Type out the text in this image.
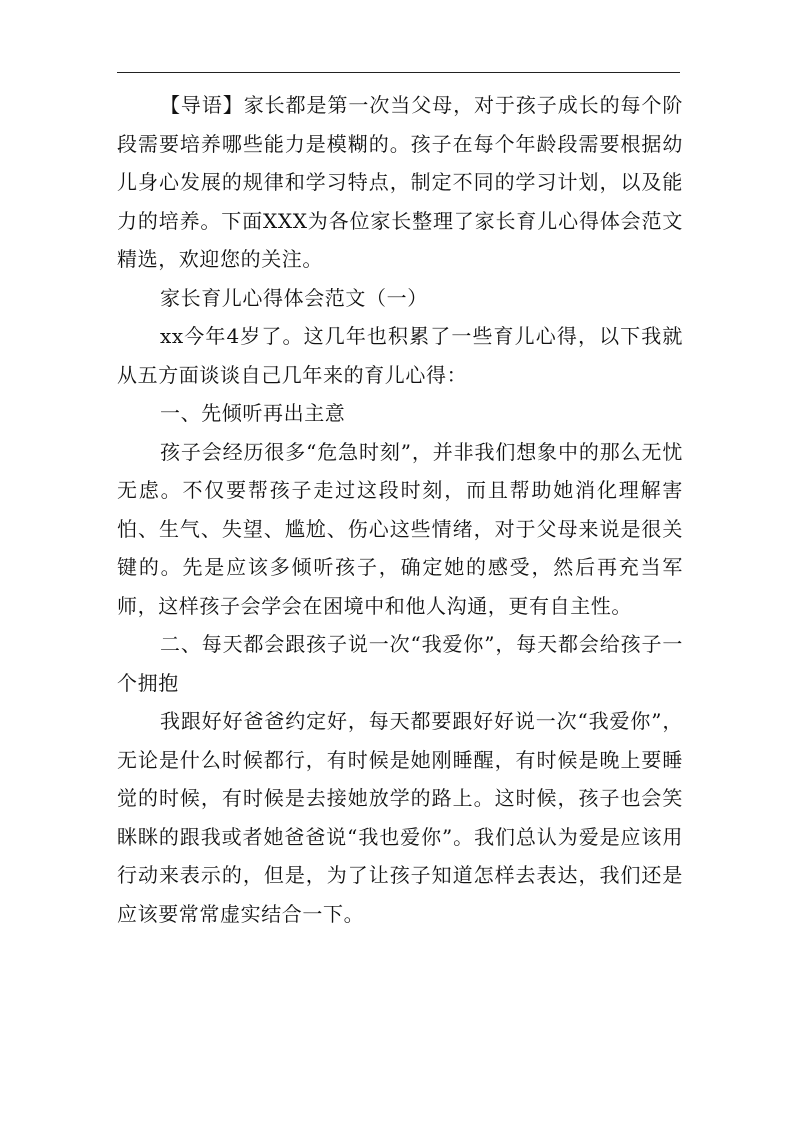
【导语】家长都是第一次当父母，对于孩子成长的每个阶段需要培养哪些能力是模糊的。孩子在每个年龄段需要根据幼儿身心发展的规律和学习特点，制定不同的学习计划，以及能力的培养。下面XXX为各位家长整理了家长育儿心得体会范文精选，欢迎您的关注。

家长育儿心得体会范文（一）

xx今年4岁了。这几年也积累了一些育儿心得，以下我就从五方面谈谈自己几年来的育儿心得：

一、先倾听再出主意

孩子会经历很多“危急时刻”，并非我们想象中的那么无忧无虑。不仅要帮孩子走过这段时刻，而且帮助她消化理解害怕、生气、失望、尴尬、伤心这些情绪，对于父母来说是很关键的。先是应该多倾听孩子，确定她的感受，然后再充当军师，这样孩子会学会在困境中和他人沟通，更有自主性。

二、每天都会跟孩子说一次“我爱你”，每天都会给孩子一个拥抱

我跟好好爸爸约定好，每天都要跟好好说一次“我爱你”，无论是什么时候都行，有时候是她刚睡醒，有时候是晚上要睡觉的时候，有时候是去接她放学的路上。这时候，孩子也会笑眯眯的跟我或者她爸爸说“我也爱你”。我们总认为爱是应该用行动来表示的，但是，为了让孩子知道怎样去表达，我们还是应该要常常虚实结合一下。
